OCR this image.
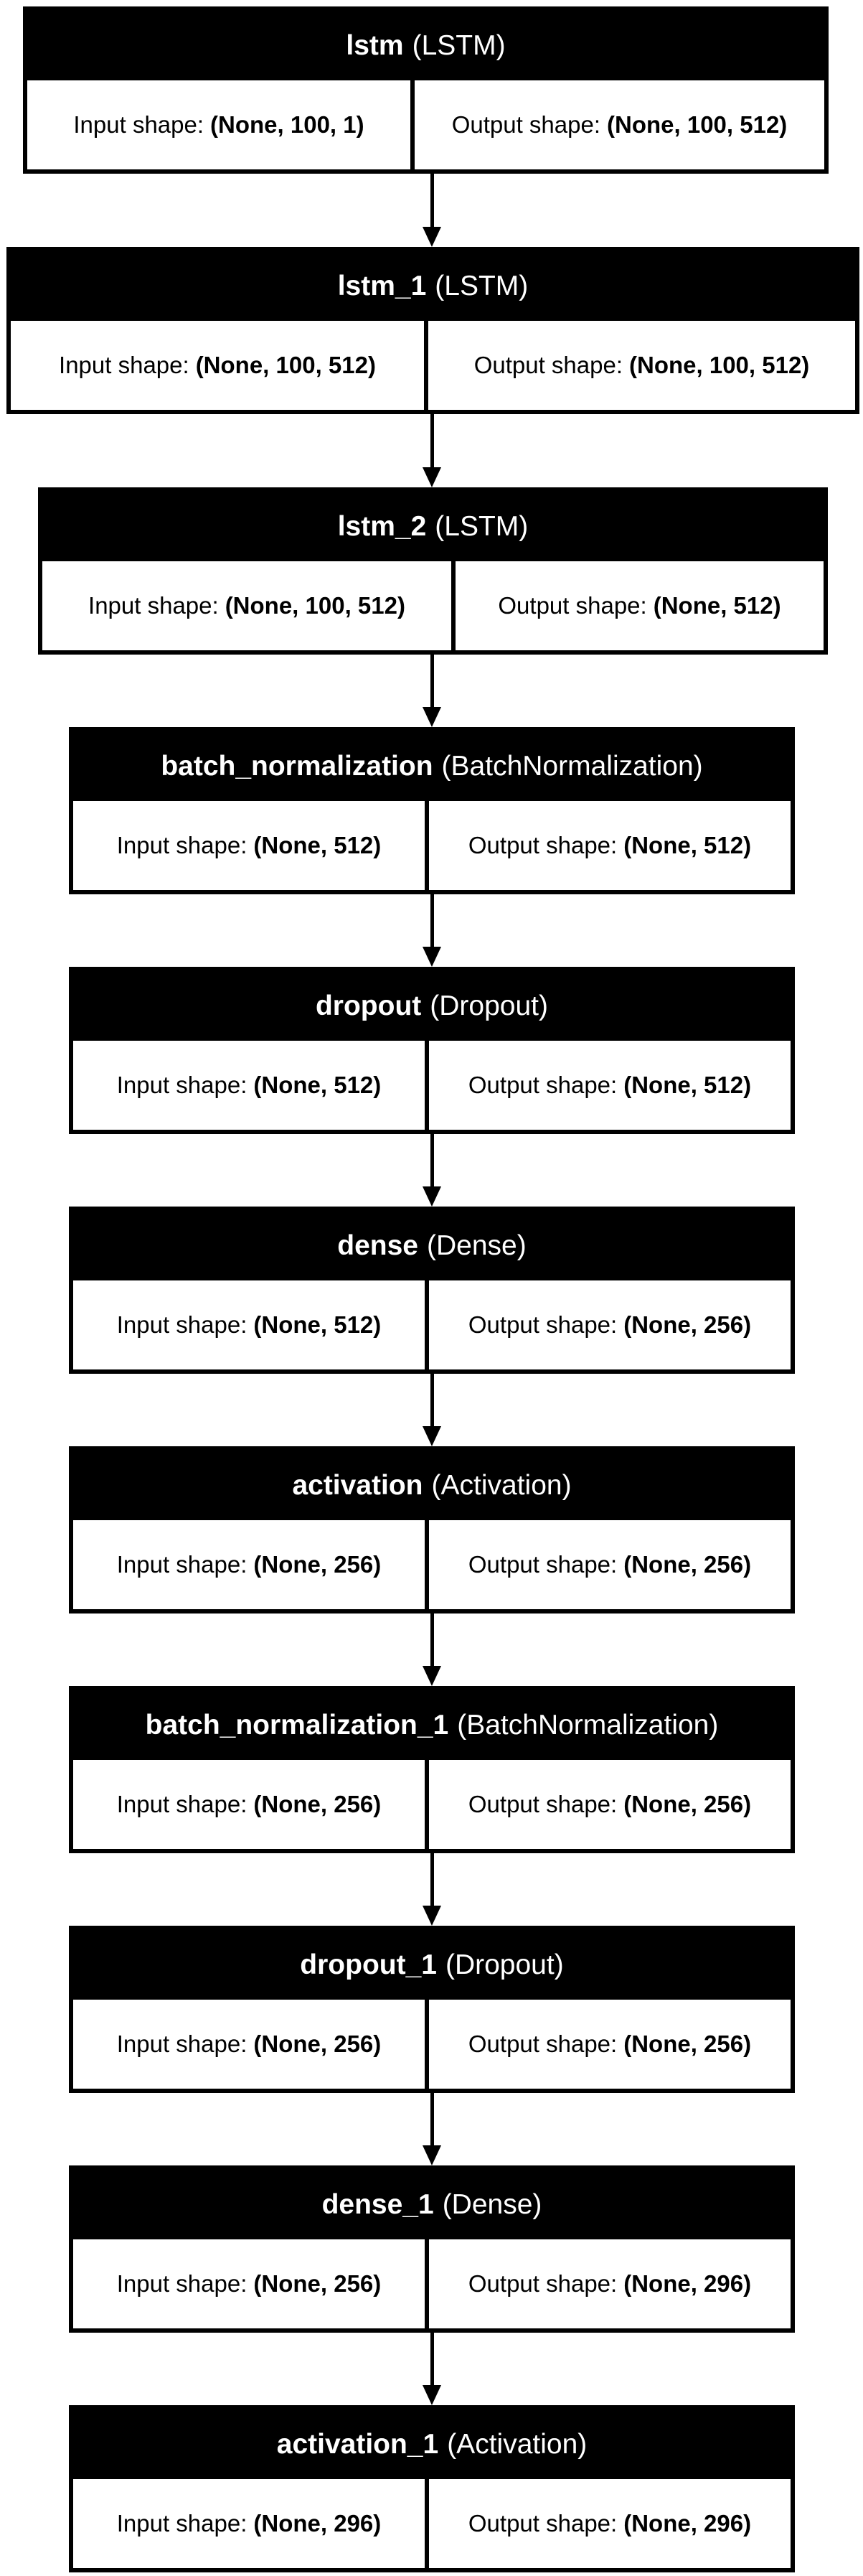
lstm (LSTM)
Input shape: (None, 100, 1)	Output shape: (None, 100, 512)
lstm_1 (LSTM)
Input shape: (None, 100, 512)	Output shape: (None, 100, 512)
lstm_2 (LSTM)
Input shape: (None, 100, 512)	Output shape: (None, 512)
batch_normalization (BatchNormalization)
Input shape: (None, 512)	Output shape: (None, 512)
dropout (Dropout)
Input shape: (None, 512)	Output shape: (None, 512)
dense (Dense)
Input shape: (None, 512)	Output shape: (None, 256)
activation (Activation)
Input shape: (None, 256)	Output shape: (None, 256)
batch_normalization_1 (BatchNormalization)
Input shape: (None, 256)	Output shape: (None, 256)
dropout_1 (Dropout)
Input shape: (None, 256)	Output shape: (None, 256)
dense_1 (Dense)
Input shape: (None, 256)	Output shape: (None, 296)
activation_1 (Activation)
Input shape: (None, 296)	Output shape: (None, 296)
